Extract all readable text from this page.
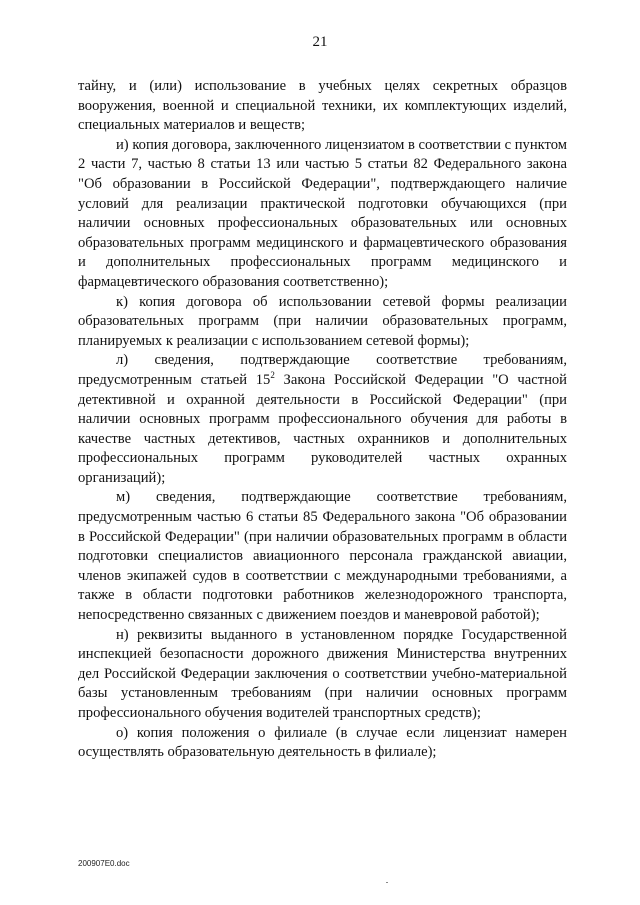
21

тайну, и (или) использование в учебных целях секретных образцов вооружения, военной и специальной техники, их комплектующих изделий, специальных материалов и веществ;

и) копия договора, заключенного лицензиатом в соответствии с пунктом 2 части 7, частью 8 статьи 13 или частью 5 статьи 82 Федерального закона "Об образовании в Российской Федерации", подтверждающего наличие условий для реализации практической подготовки обучающихся (при наличии основных профессиональных образовательных или основных образовательных программ медицинского и фармацевтического образования и дополнительных профессиональных программ медицинского и фармацевтического образования соответственно);

к) копия договора об использовании сетевой формы реализации образовательных программ (при наличии образовательных программ, планируемых к реализации с использованием сетевой формы);

л) сведения, подтверждающие соответствие требованиям, предусмотренным статьей $15^2$ Закона Российской Федерации "О частной детективной и охранной деятельности в Российской Федерации" (при наличии основных программ профессионального обучения для работы в качестве частных детективов, частных охранников и дополнительных профессиональных программ руководителей частных охранных организаций);

м) сведения, подтверждающие соответствие требованиям, предусмотренным частью 6 статьи 85 Федерального закона "Об образовании в Российской Федерации" (при наличии образовательных программ в области подготовки специалистов авиационного персонала гражданской авиации, членов экипажей судов в соответствии с международными требованиями, а также в области подготовки работников железнодорожного транспорта, непосредственно связанных с движением поездов и маневровой работой);

н) реквизиты выданного в установленном порядке Государственной инспекцией безопасности дорожного движения Министерства внутренних дел Российской Федерации заключения о соответствии учебно-материальной базы установленным требованиям (при наличии основных программ профессионального обучения водителей транспортных средств);

о) копия положения о филиале (в случае если лицензиат намерен осуществлять образовательную деятельность в филиале);

200907E0.doc
